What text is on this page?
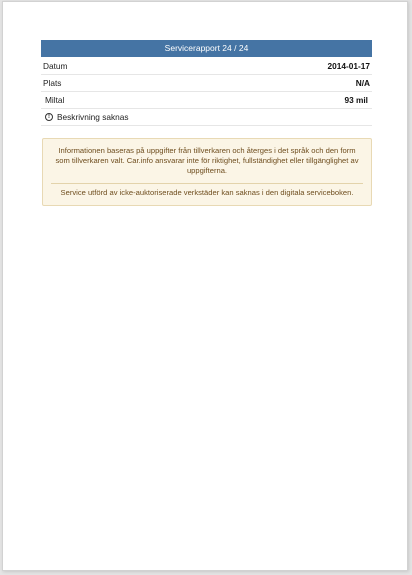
Servicerapport 24 / 24
Datum	2014-01-17
Plats	N/A
Miltal	93 mil
! Beskrivning saknas
Informationen baseras på uppgifter från tillverkaren och återges i det språk och den form som tillverkaren valt. Car.info ansvarar inte för riktighet, fullständighet eller tillgänglighet av uppgifterna.
Service utförd av icke-auktoriserade verkstäder kan saknas i den digitala serviceboken.
